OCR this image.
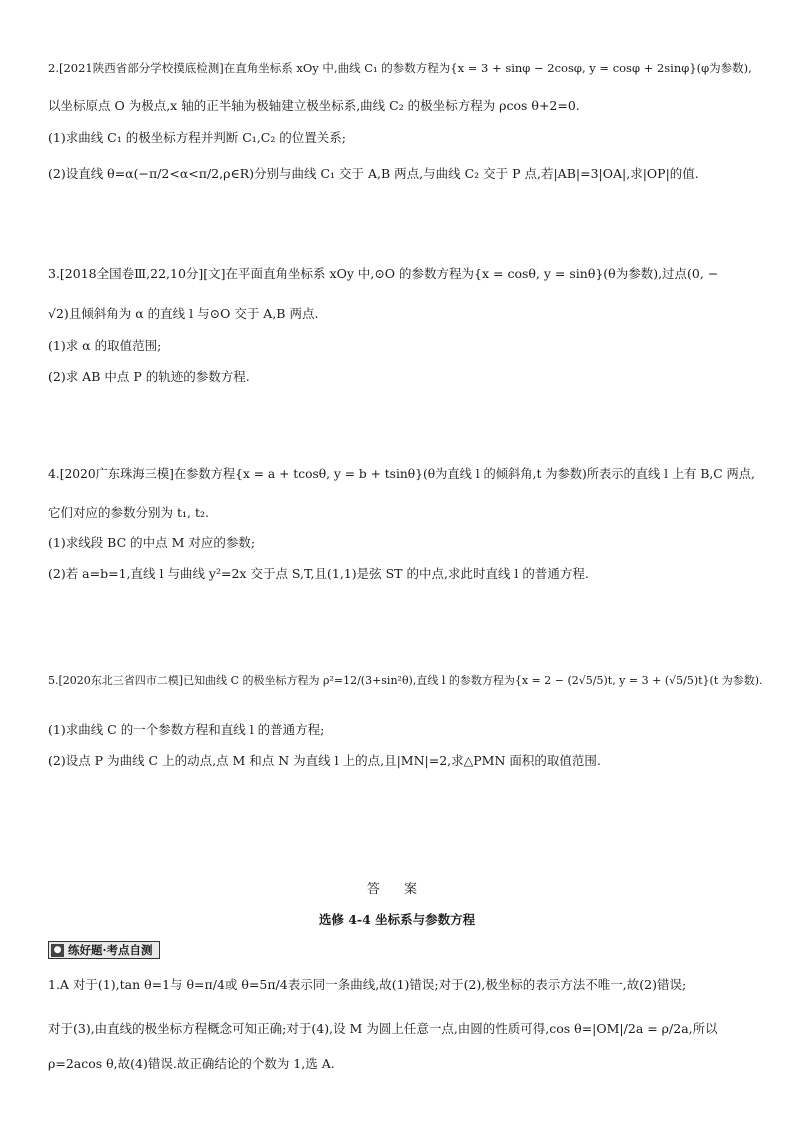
2.[2021陕西省部分学校摸底检测]在直角坐标系 xOy 中,曲线 C₁ 的参数方程为{x = 3 + sinφ − 2cosφ, y = cosφ + 2sinφ}(φ为参数),
以坐标原点 O 为极点,x 轴的正半轴为极轴建立极坐标系,曲线 C₂ 的极坐标方程为 ρcos θ+2=0.
(1)求曲线 C₁ 的极坐标方程并判断 C₁,C₂ 的位置关系;
(2)设直线 θ=α(−π/2<α<π/2,ρ∈R)分别与曲线 C₁ 交于 A,B 两点,与曲线 C₂ 交于 P 点,若|AB|=3|OA|,求|OP|的值.
3.[2018全国卷Ⅲ,22,10分][文]在平面直角坐标系 xOy 中,⊙O 的参数方程为{x = cosθ, y = sinθ}(θ为参数),过点(0, −
√2)且倾斜角为 α 的直线 l 与⊙O 交于 A,B 两点.
(1)求 α 的取值范围;
(2)求 AB 中点 P 的轨迹的参数方程.
4.[2020广东珠海三模]在参数方程{x = a + tcosθ, y = b + tsinθ}(θ为直线 l 的倾斜角,t 为参数)所表示的直线 l 上有 B,C 两点,
它们对应的参数分别为 t₁, t₂.
(1)求线段 BC 的中点 M 对应的参数;
(2)若 a=b=1,直线 l 与曲线 y²=2x 交于点 S,T,且(1,1)是弦 ST 的中点,求此时直线 l 的普通方程.
5.[2020东北三省四市二模]已知曲线 C 的极坐标方程为 ρ²=12/(3+sin²θ),直线 l 的参数方程为{x = 2 − (2√5/5)t, y = 3 + (√5/5)t}(t 为参数).
(1)求曲线 C 的一个参数方程和直线 l 的普通方程;
(2)设点 P 为曲线 C 上的动点,点 M 和点 N 为直线 l 上的点,且|MN|=2,求△PMN 面积的取值范围.
答 案
选修 4-4 坐标系与参数方程
● 练好题·考点自测
1.A 对于(1),tan θ=1与 θ=π/4或 θ=5π/4表示同一条曲线,故(1)错误;对于(2),极坐标的表示方法不唯一,故(2)错误;
对于(3),由直线的极坐标方程概念可知正确;对于(4),设 M 为圆上任意一点,由圆的性质可得,cos θ=|OM|/2a = ρ/2a,所以
ρ=2acos θ,故(4)错误.故正确结论的个数为 1,选 A.
